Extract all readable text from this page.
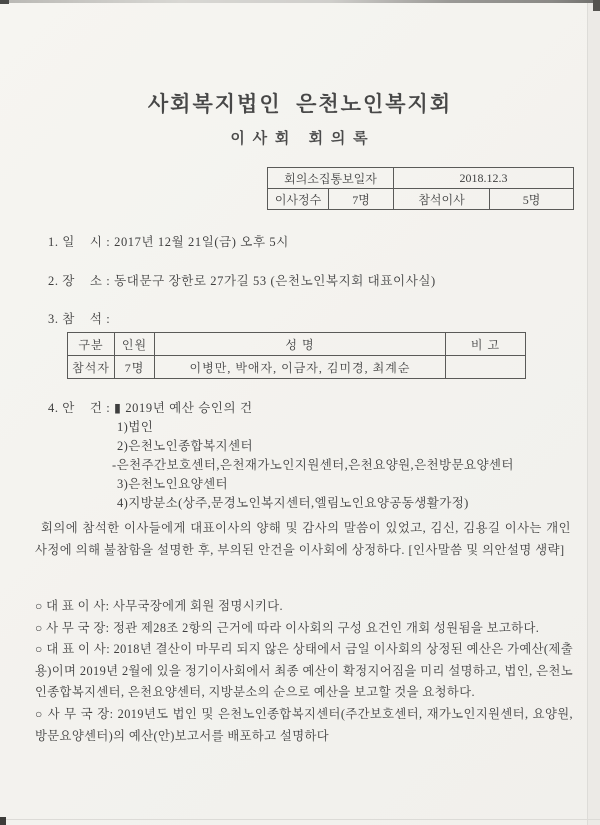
사회복지법인  은천노인복지회
이 사 회   회 의 록
회의소집통보일자		2018.12.3	
이사정수	7명	참석이사	5명
1. 일    시 : 2017년 12월 21일(금) 오후 5시
2. 장    소 : 동대문구 장한로 27가길 53 (은천노인복지회 대표이사실)
3. 참    석 :
구분	인원	성 명	비 고
참석자	7명	이병만, 박애자, 이금자, 김미경, 최계순	
4. 안    건 : ▮ 2019년 예산 승인의 건
1)법인
2)은천노인종합복지센터
-은천주간보호센터,은천재가노인지원센터,은천요양원,은천방문요양센터
3)은천노인요양센터
4)지방분소(상주,문경노인복지센터,엘림노인요양공동생활가정)
회의에 참석한 이사들에게 대표이사의 양해 및 감사의 말씀이 있었고, 김신, 김용길 이사는 개인사정에 의해 불참함을 설명한 후, 부의된 안건을 이사회에 상정하다. [인사말씀 및 의안설명 생략]

○ 대 표 이 사: 사무국장에게 회원 점명시키다.

○ 사 무 국 장: 정관 제28조 2항의 근거에 따라 이사회의 구성 요건인 개회 성원됨을 보고하다.

○ 대 표 이 사: 2018년 결산이 마무리 되지 않은 상태에서 금일 이사회의 상정된 예산은 가예산(제출용)이며 2019년 2월에 있을 정기이사회에서 최종 예산이 확정지어짐을 미리 설명하고, 법인, 은천노인종합복지센터, 은천요양센터, 지방분소의 순으로 예산을 보고할 것을 요청하다.

○ 사 무 국 장: 2019년도 법인 및 은천노인종합복지센터(주간보호센터, 재가노인지원센터, 요양원, 방문요양센터)의 예산(안)보고서를 배포하고 설명하다
